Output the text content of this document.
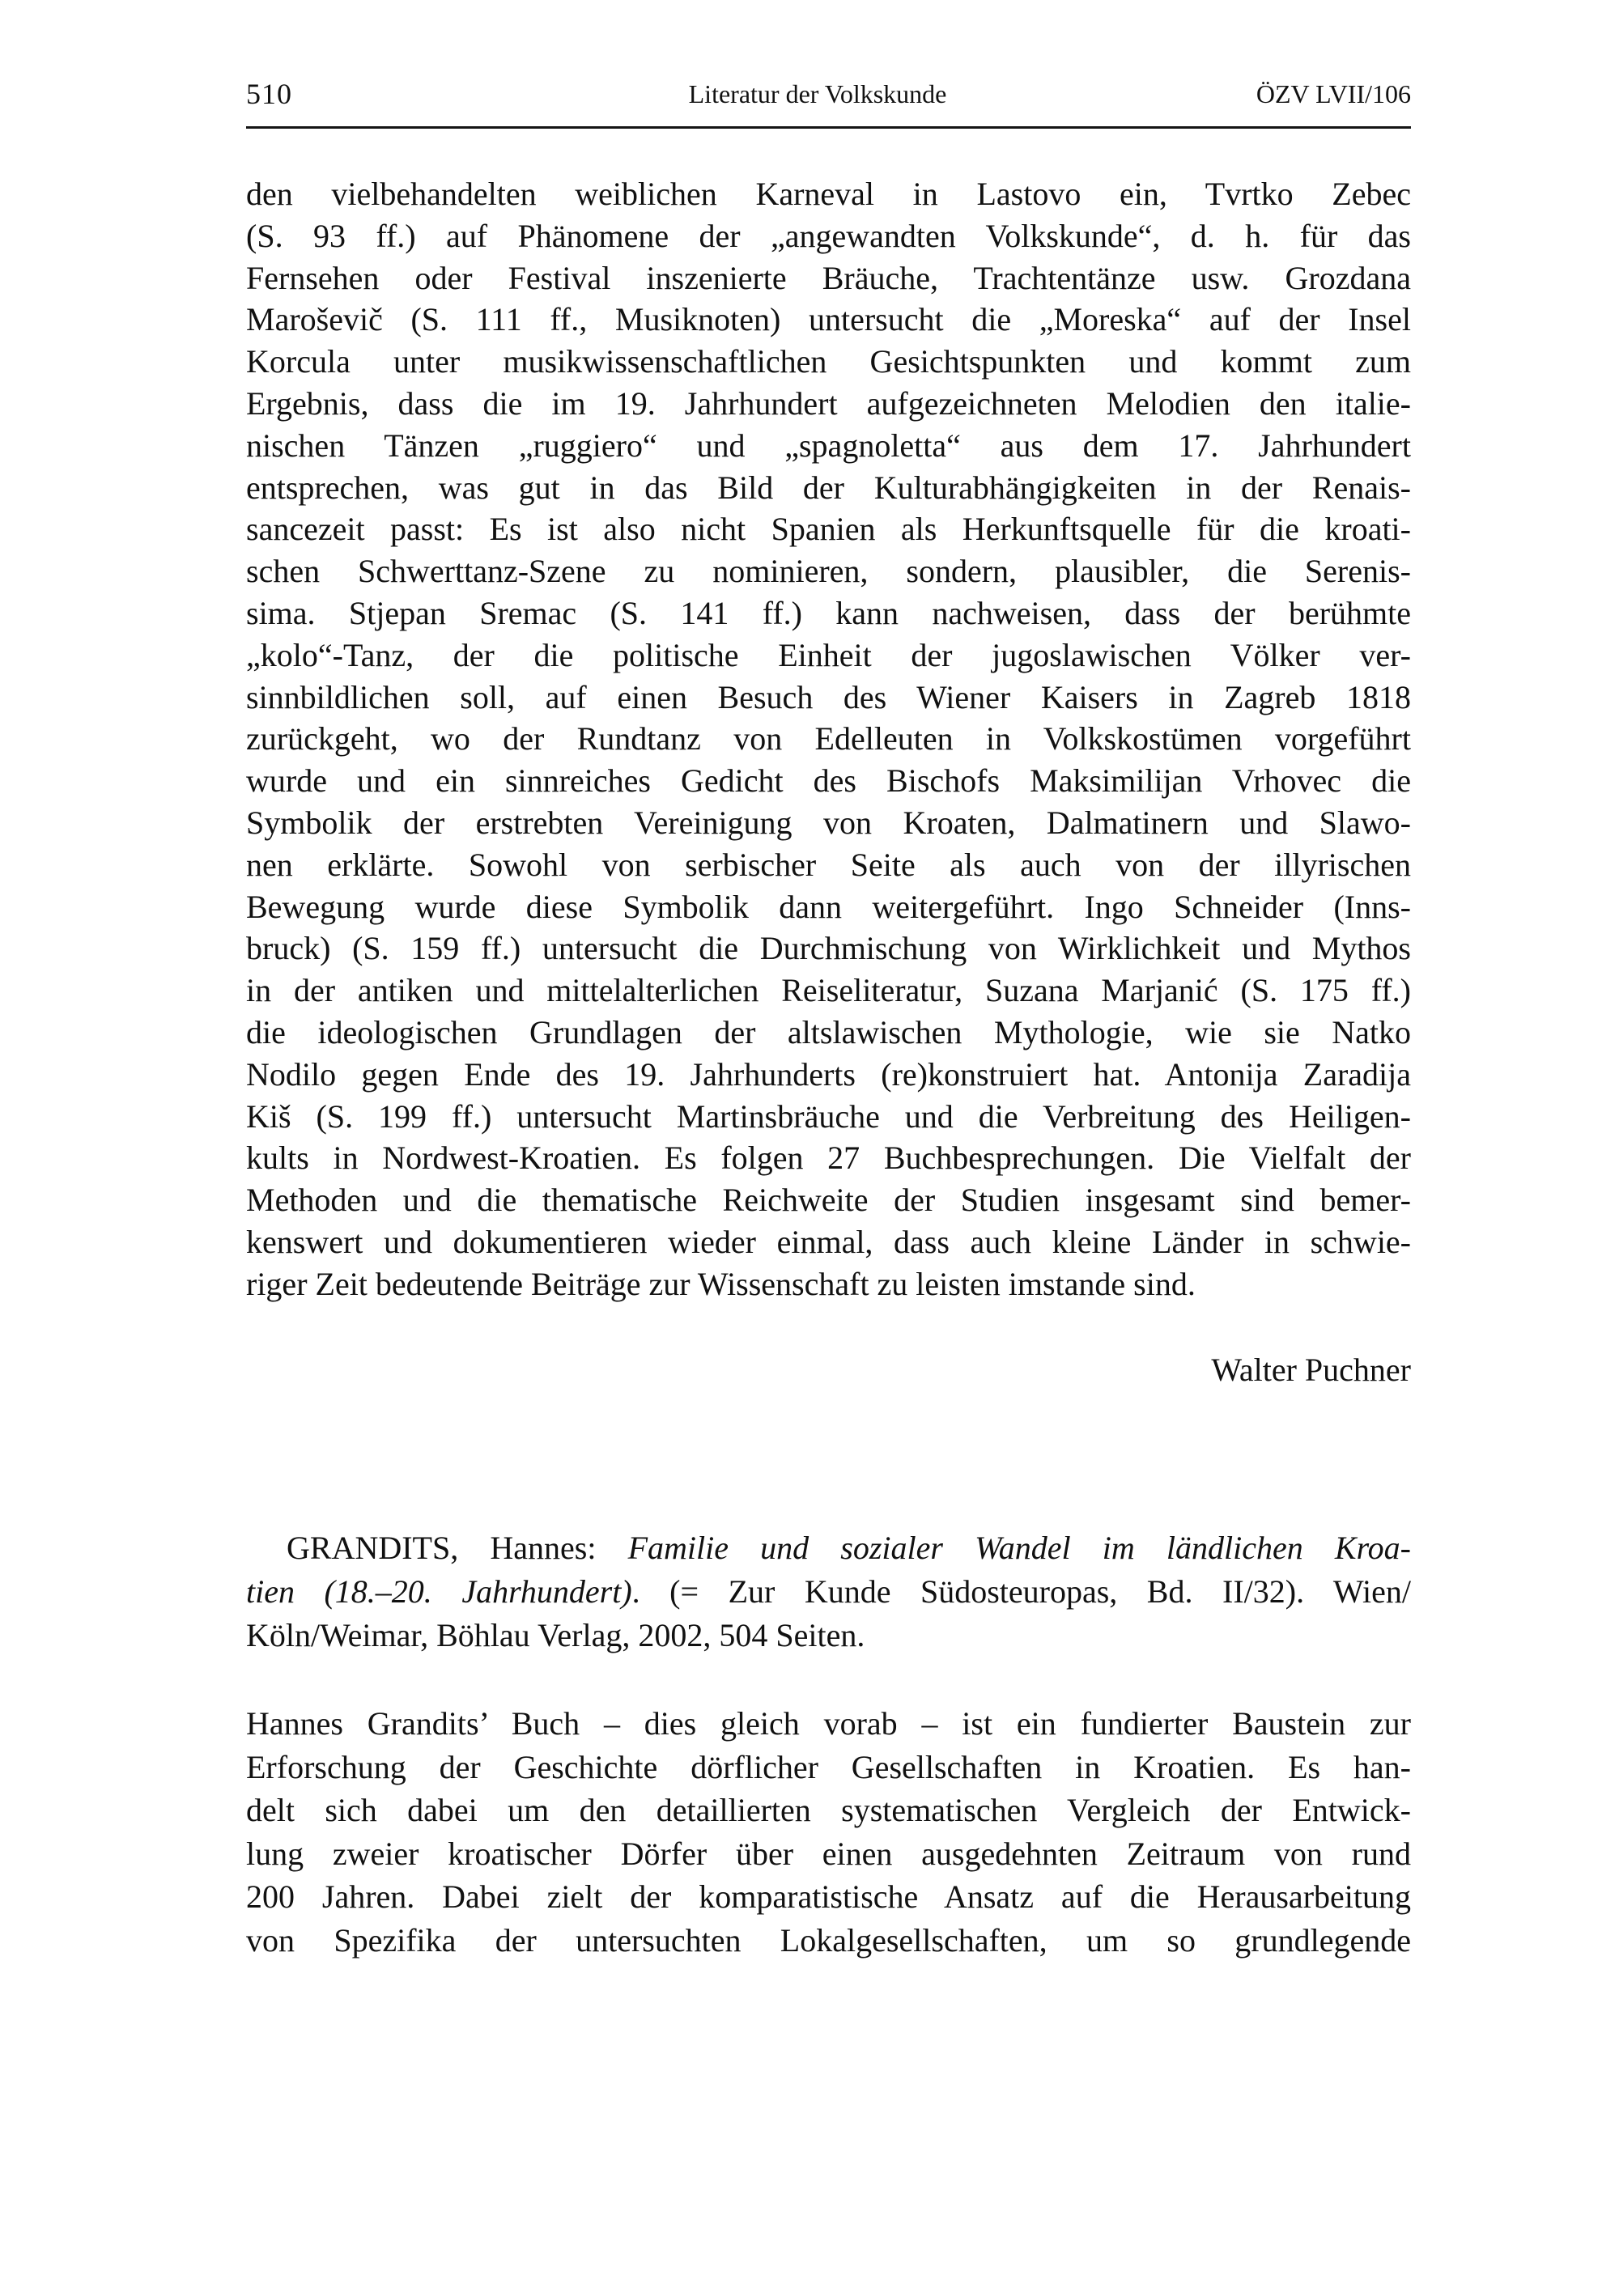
510	Literatur der Volkskunde	ÖZV LVII/106
den vielbehandelten weiblichen Karneval in Lastovo ein, Tvrtko Zebec
(S. 93 ff.) auf Phänomene der „angewandten Volkskunde“, d. h. für das
Fernsehen oder Festival inszenierte Bräuche, Trachtentänze usw. Grozdana
Maroševič (S. 111 ff., Musiknoten) untersucht die „Moreska“ auf der Insel
Korcula unter musikwissenschaftlichen Gesichtspunkten und kommt zum
Ergebnis, dass die im 19. Jahrhundert aufgezeichneten Melodien den italie-
nischen Tänzen „ruggiero“ und „spagnoletta“ aus dem 17. Jahrhundert
entsprechen, was gut in das Bild der Kulturabhängigkeiten in der Renais-
sancezeit passt: Es ist also nicht Spanien als Herkunftsquelle für die kroati-
schen Schwerttanz-Szene zu nominieren, sondern, plausibler, die Serenis-
sima. Stjepan Sremac (S. 141 ff.) kann nachweisen, dass der berühmte
„kolo“-Tanz, der die politische Einheit der jugoslawischen Völker ver-
sinnbildlichen soll, auf einen Besuch des Wiener Kaisers in Zagreb 1818
zurückgeht, wo der Rundtanz von Edelleuten in Volkskostümen vorgeführt
wurde und ein sinnreiches Gedicht des Bischofs Maksimilijan Vrhovec die
Symbolik der erstrebten Vereinigung von Kroaten, Dalmatinern und Slawo-
nen erklärte. Sowohl von serbischer Seite als auch von der illyrischen
Bewegung wurde diese Symbolik dann weitergeführt. Ingo Schneider (Inns-
bruck) (S. 159 ff.) untersucht die Durchmischung von Wirklichkeit und Mythos
in der antiken und mittelalterlichen Reiseliteratur, Suzana Marjanić (S. 175 ff.)
die ideologischen Grundlagen der altslawischen Mythologie, wie sie Natko
Nodilo gegen Ende des 19. Jahrhunderts (re)konstruiert hat. Antonija Zaradija
Kiš (S. 199 ff.) untersucht Martinsbräuche und die Verbreitung des Heiligen-
kults in Nordwest-Kroatien. Es folgen 27 Buchbesprechungen. Die Vielfalt der
Methoden und die thematische Reichweite der Studien insgesamt sind bemer-
kenswert und dokumentieren wieder einmal, dass auch kleine Länder in schwie-
riger Zeit bedeutende Beiträge zur Wissenschaft zu leisten imstande sind.
Walter Puchner
GRANDITS, Hannes: Familie und sozialer Wandel im ländlichen Kroa-
tien (18.–20. Jahrhundert). (= Zur Kunde Südosteuropas, Bd. II/32). Wien/
Köln/Weimar, Böhlau Verlag, 2002, 504 Seiten.
Hannes Grandits’ Buch – dies gleich vorab – ist ein fundierter Baustein zur
Erforschung der Geschichte dörflicher Gesellschaften in Kroatien. Es han-
delt sich dabei um den detaillierten systematischen Vergleich der Entwick-
lung zweier kroatischer Dörfer über einen ausgedehnten Zeitraum von rund
200 Jahren. Dabei zielt der komparatistische Ansatz auf die Herausarbeitung
von Spezifika der untersuchten Lokalgesellschaften, um so grundlegende
